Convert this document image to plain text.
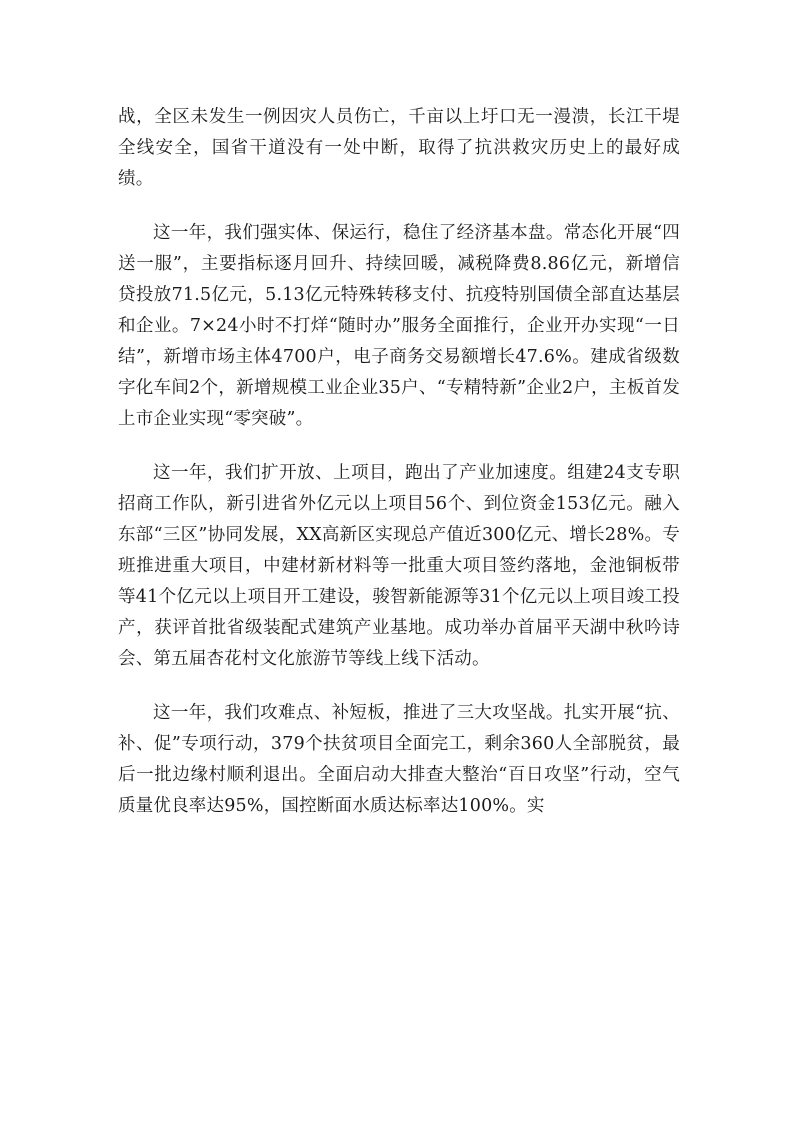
战，全区未发生一例因灾人员伤亡，千亩以上圩口无一漫溃，长江干堤全线安全，国省干道没有一处中断，取得了抗洪救灾历史上的最好成绩。

这一年，我们强实体、保运行，稳住了经济基本盘。常态化开展“四送一服”，主要指标逐月回升、持续回暖，减税降费8.86亿元，新增信贷投放71.5亿元，5.13亿元特殊转移支付、抗疫特别国债全部直达基层和企业。7×24小时不打烊“随时办”服务全面推行，企业开办实现“一日结”，新增市场主体4700户，电子商务交易额增长47.6%。建成省级数字化车间2个，新增规模工业企业35户、“专精特新”企业2户，主板首发上市企业实现“零突破”。

这一年，我们扩开放、上项目，跑出了产业加速度。组建24支专职招商工作队，新引进省外亿元以上项目56个、到位资金153亿元。融入东部“三区”协同发展，XX高新区实现总产值近300亿元、增长28%。专班推进重大项目，中建材新材料等一批重大项目签约落地，金池铜板带等41个亿元以上项目开工建设，骏智新能源等31个亿元以上项目竣工投产，获评首批省级装配式建筑产业基地。成功举办首届平天湖中秋吟诗会、第五届杏花村文化旅游节等线上线下活动。

这一年，我们攻难点、补短板，推进了三大攻坚战。扎实开展“抗、补、促”专项行动，379个扶贫项目全面完工，剩余360人全部脱贫，最后一批边缘村顺利退出。全面启动大排查大整治“百日攻坚”行动，空气质量优良率达95%，国控断面水质达标率达100%。实
